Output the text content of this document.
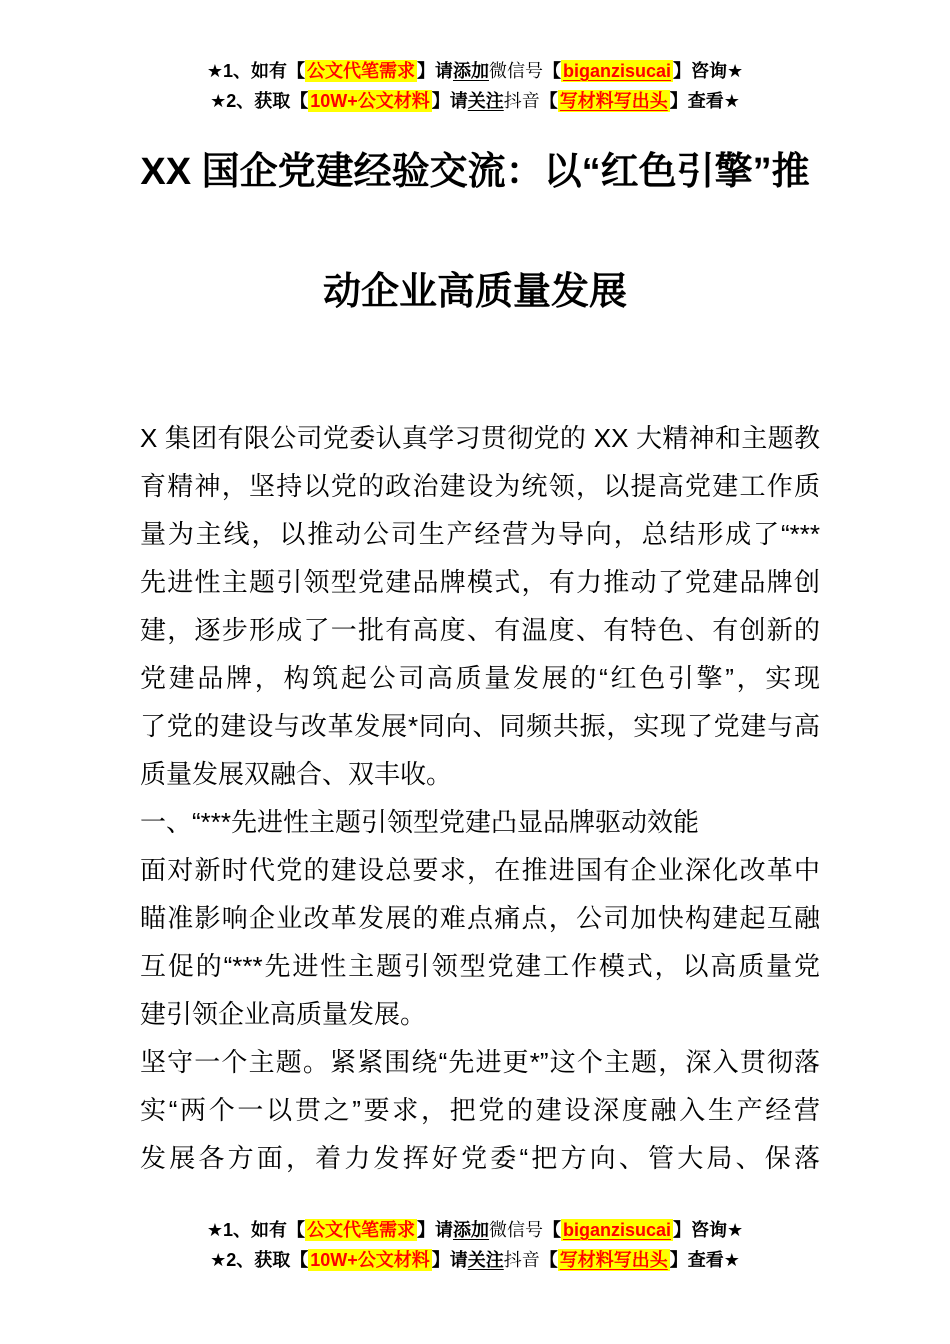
★1、如有【 公文代笔需求 】请添加微信号【 biganzisucai 】咨询★
★2、获取【 10W+公文材料 】请关注抖音【 写材料写出头 】查看★
XX 国企党建经验交流：以“红色引擎”推
动企业高质量发展
X 集团有限公司党委认真学习贯彻党的 XX 大精神和主题教
育精神，坚持以党的政治建设为统领，以提高党建工作质
量为主线，以推动公司生产经营为导向，总结形成了“***
先进性主题引领型党建品牌模式，有力推动了党建品牌创
建，逐步形成了一批有高度、有温度、有特色、有创新的
党建品牌，构筑起公司高质量发展的“红色引擎”，实现
了党的建设与改革发展*同向、同频共振，实现了党建与高
质量发展双融合、双丰收。
一、“***先进性主题引领型党建凸显品牌驱动效能
面对新时代党的建设总要求，在推进国有企业深化改革中
瞄准影响企业改革发展的难点痛点，公司加快构建起互融
互促的“***先进性主题引领型党建工作模式，以高质量党
建引领企业高质量发展。
坚守一个主题。紧紧围绕“先进更*”这个主题，深入贯彻落
实“两个一以贯之”要求，把党的建设深度融入生产经营
发展各方面，着力发挥好党委“把方向、管大局、保落
★1、如有【 公文代笔需求 】请添加微信号【 biganzisucai 】咨询★
★2、获取【 10W+公文材料 】请关注抖音【 写材料写出头 】查看★
